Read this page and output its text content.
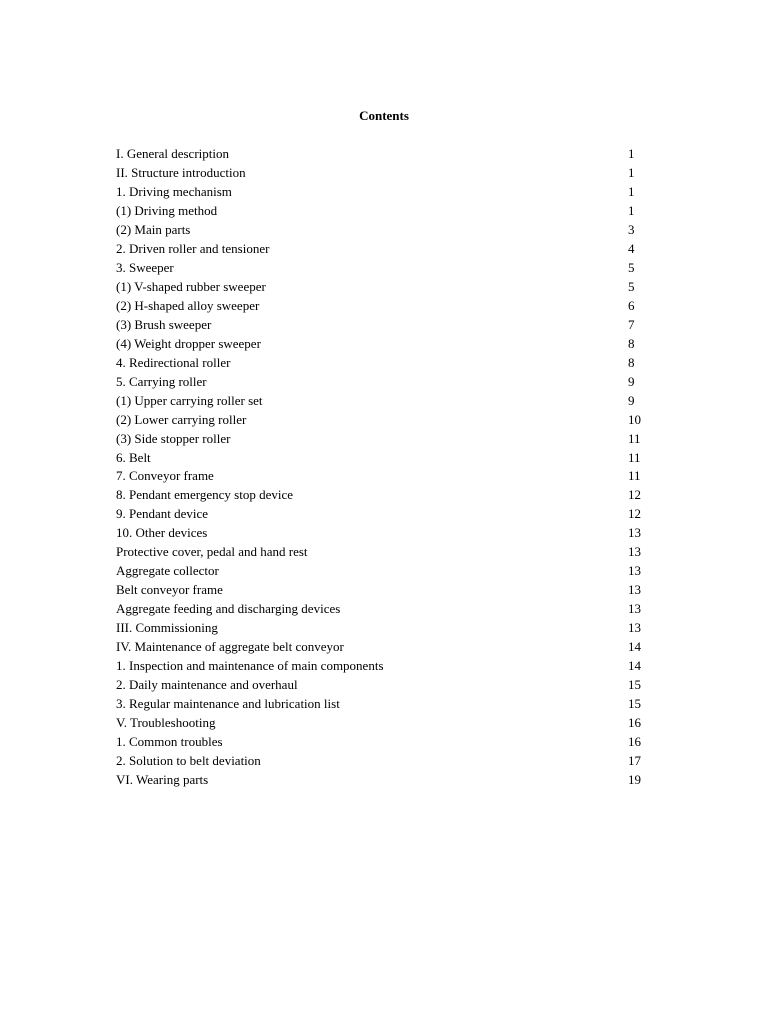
Contents
I. General description	1
II. Structure introduction	1
1. Driving mechanism	1
(1) Driving method	1
(2) Main parts	3
2. Driven roller and tensioner	4
3. Sweeper	5
(1) V-shaped rubber sweeper	5
(2) H-shaped alloy sweeper	6
(3) Brush sweeper	7
(4) Weight dropper sweeper	8
4. Redirectional roller	8
5. Carrying roller	9
(1) Upper carrying roller set	9
(2) Lower carrying roller	10
(3) Side stopper roller	11
6. Belt	11
7. Conveyor frame	11
8. Pendant emergency stop device	12
9. Pendant device	12
10. Other devices	13
Protective cover, pedal and hand rest	13
Aggregate collector	13
Belt conveyor frame	13
Aggregate feeding and discharging devices	13
III. Commissioning	13
IV. Maintenance of aggregate belt conveyor	14
1. Inspection and maintenance of main components	14
2. Daily maintenance and overhaul	15
3. Regular maintenance and lubrication list	15
V. Troubleshooting	16
1. Common troubles	16
2. Solution to belt deviation	17
VI. Wearing parts	19
